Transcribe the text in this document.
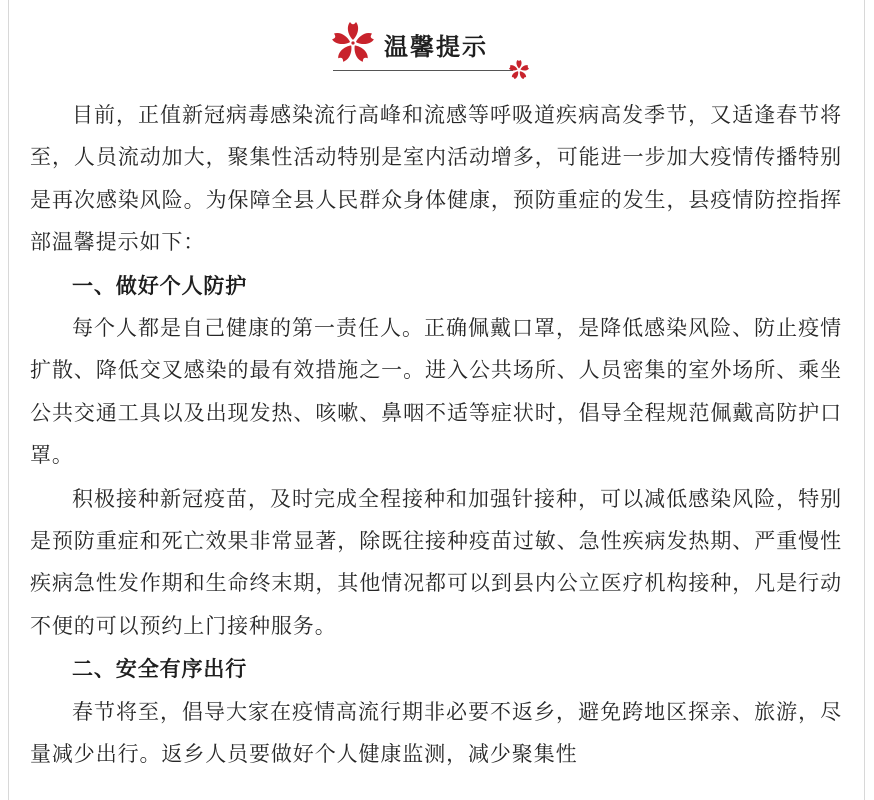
温馨提示

目前，正值新冠病毒感染流行高峰和流感等呼吸道疾病高发季节，又适逢春节将至，人员流动加大，聚集性活动特别是室内活动增多，可能进一步加大疫情传播特别是再次感染风险。为保障全县人民群众身体健康，预防重症的发生，县疫情防控指挥部温馨提示如下：

一、做好个人防护

每个人都是自己健康的第一责任人。正确佩戴口罩，是降低感染风险、防止疫情扩散、降低交叉感染的最有效措施之一。进入公共场所、人员密集的室外场所、乘坐公共交通工具以及出现发热、咳嗽、鼻咽不适等症状时，倡导全程规范佩戴高防护口罩。

积极接种新冠疫苗，及时完成全程接种和加强针接种，可以减低感染风险，特别是预防重症和死亡效果非常显著，除既往接种疫苗过敏、急性疾病发热期、严重慢性疾病急性发作期和生命终末期，其他情况都可以到县内公立医疗机构接种，凡是行动不便的可以预约上门接种服务。

二、安全有序出行

春节将至，倡导大家在疫情高流行期非必要不返乡，避免跨地区探亲、旅游，尽量减少出行。返乡人员要做好个人健康监测，减少聚集性
